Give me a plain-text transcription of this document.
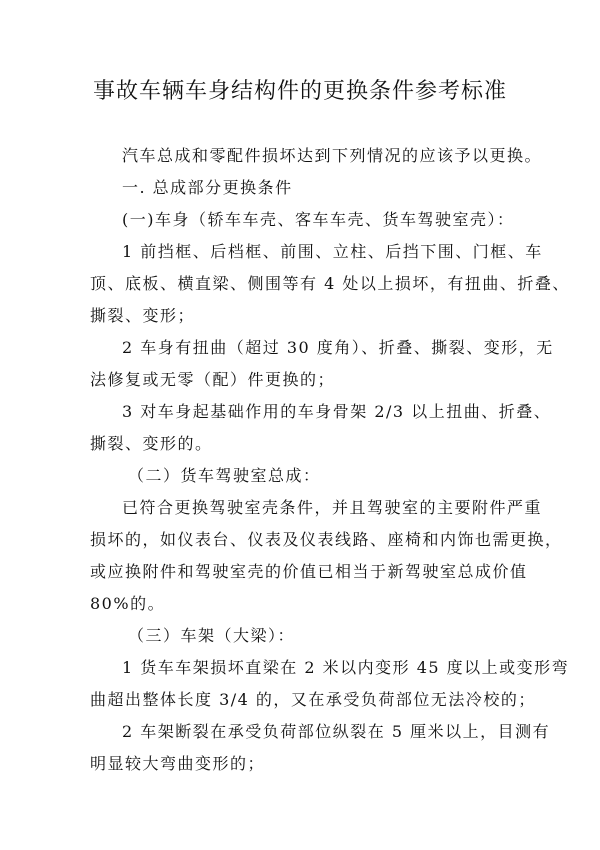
事故车辆车身结构件的更换条件参考标准
汽车总成和零配件损坏达到下列情况的应该予以更换。
一. 总成部分更换条件
(一)车身（轿车车壳、客车车壳、货车驾驶室壳）：
1 前挡框、后档框、前围、立柱、后挡下围、门框、车
顶、底板、横直梁、侧围等有 4 处以上损坏，有扭曲、折叠、
撕裂、变形；
2 车身有扭曲（超过 30 度角）、折叠、撕裂、变形，无
法修复或无零（配）件更换的；
3 对车身起基础作用的车身骨架 2/3 以上扭曲、折叠、
撕裂、变形的。
（二）货车驾驶室总成：
已符合更换驾驶室壳条件，并且驾驶室的主要附件严重
损坏的，如仪表台、仪表及仪表线路、座椅和内饰也需更换，
或应换附件和驾驶室壳的价值已相当于新驾驶室总成价值
80%的。
（三）车架（大梁）：
1 货车车架损坏直梁在 2 米以内变形 45 度以上或变形弯
曲超出整体长度 3/4 的，又在承受负荷部位无法冷校的；
2 车架断裂在承受负荷部位纵裂在 5 厘米以上，目测有
明显较大弯曲变形的；
